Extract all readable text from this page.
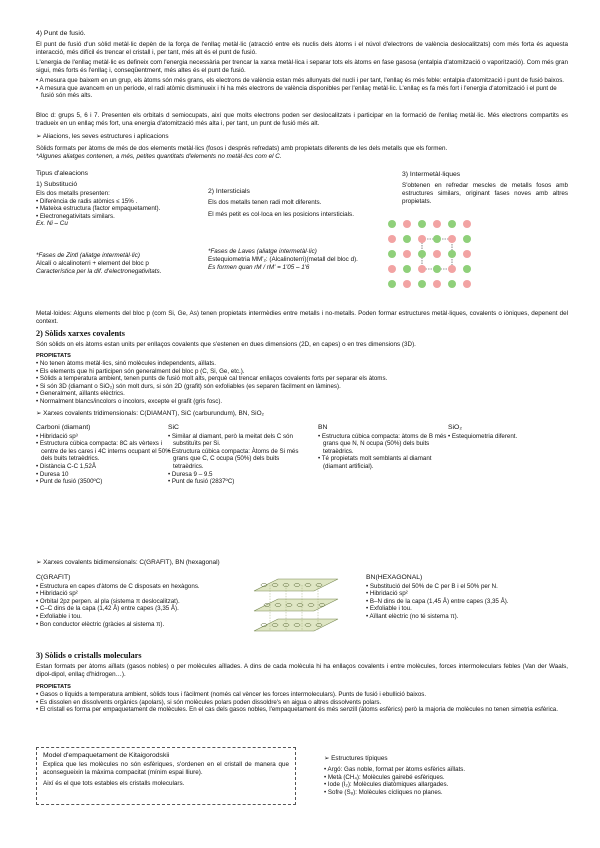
4) Punt de fusió.

El punt de fusió d'un sòlid metàl·lic depèn de la força de l'enllaç metàl·lic (atracció entre els nuclis dels àtoms i el núvol d'electrons de valència deslocalitzats) com més forta és aquesta interacció, més difícil és trencar el cristall i, per tant, més alt és el punt de fusió.

L'energia de l'enllaç metàl·lic es defineix com l'energia necessària per trencar la xarxa metàl·lica i separar tots els àtoms en fase gasosa (entalpia d'atomització o vaporització). Com més gran sigui, més forts és l'enllaç i, conseqüentment, més altes és el punt de fusió.

• A mesura que baixem en un grup, els àtoms són més grans, els electrons de valència estan més allunyats del nucli i per tant, l'enllaç és més feble: entalpia d'atomització i punt de fusió baixos.
• A mesura que avancem en un període, el radi atòmic disminueix i hi ha més electrons de valència disponibles per l'enllaç metàl·lic. L'enllaç es fa més fort i l'energia d'atomització i el punt de fusió són més alts.

Bloc d: grups 5, 6 i 7. Presenten els orbitals d semiocupats, així que molts electrons poden ser deslocalitzats i participar en la formació de l'enllaç metàl·lic. Més electrons compartits es tradueix en un enllaç més fort, una energia d'atomització més alta i, per tant, un punt de fusió més alt.

➢ Aliacions, les seves estructures i aplicacions

Sòlids formats per àtoms de més de dos elements metàl·lics (fosos i després refredats) amb propietats diferents de les dels metalls que els formen.

*Algunes aliatges contenen, a més, petites quantitats d'elements no metàl·lics com el C.

Tipus d'aleacions

1) Substitució

Els dos metalls presenten:

• Diferència de radis atòmics ≤ 15% .
• Mateixa estructura (factor empaquetament).
• Electronegativitats similars.

Ex. Ni – Cu

*Fases de Zintl (aliatge intermetàl·lic)

Alcalí o alcalinoterri + element del bloc p

Característica per la dif. d'electronegativitats.

2) Intersticials

Els dos metalls tenen radi molt diferents.

El més petit es col·loca en les posicions intersticials.

*Fases de Laves (aliatge intermetàl·lic)

Estequiometria MM'₂: (Alcalinoterri)(metall del bloc d).

Es formen quan rM / rM' = 1'05 – 1'6

3) Intermetàl·liques

S'obtenen en refredar mescles de metalls fosos amb estructures similars, originant fases noves amb altres propietats.

Metal·loides: Alguns elements del bloc p (com Si, Ge, As) tenen propietats intermèdies entre metalls i no-metalls. Poden formar estructures metàl·liques, covalents o iòniques, depenent del context.

2) Sòlids xarxes covalents

Són sòlids on els àtoms estan units per enllaços covalents que s'estenen en dues dimensions (2D, en capes) o en tres dimensions (3D).

PROPIETATS

• No tenen àtoms metàl·lics, sinó molècules independents, aïllats.
• Els elements que hi participen són generalment del bloc p (C, Si, Ge, etc.).
• Sòlids a temperatura ambient, tenen punts de fusió molt alts, perquè cal trencar enllaços covalents forts per separar els àtoms.
• Si són 3D (diamant o SiO₂) són molt durs, si són 2D (grafit) són exfoliables (es separen fàcilment en làmines).
• Generalment, aïllants elèctrics.
• Normalment blancs/incolors o incolors, excepte el grafit (gris fosc).

➢ Xarxes covalents tridimensionals: C(DIAMANT), SiC (carburundum), BN, SiO₂

Carboni (diamant)

• Hibridació sp³
• Estructura cúbica compacta: 8C als vèrtexs i centre de les cares i 4C interns ocupant el 50% dels buits tetraèdrics.
• Distància C-C 1,52Å
• Duresa 10
• Punt de fusió (3500ºC)

SiC

• Similar al diamant, però la meitat dels C són substituïts per Si.
• Estructura cúbica compacta: Àtoms de Si més grans que C, C ocupa (50%) dels buits tetraèdrics.
• Duresa 9 – 9.5
• Punt de fusió (2837ºC)

BN

• Estructura cúbica compacta: àtoms de B més grans que N, N ocupa (50%) dels buits tetraèdrics.
• Té propietats molt semblants al diamant (diamant artificial).

SiO₂

• Estequiometria diferent.

➢ Xarxes covalents bidimensionals: C(GRAFIT), BN (hexagonal)

C(GRAFIT)

• Estructura en capes d'àtoms de C disposats en hexàgons.
• Hibridació sp²
• Orbital 2pz perpen. al pla (sistema π deslocalitzat).
• C–C dins de la capa (1,42 Å) entre capes (3,35 Å).
• Exfoliable i tou.
• Bon conductor elèctric (gràcies al sistema π).

BN(HEXAGONAL)

• Substitució del 50% de C per B i el 50% per N.
• Hibridació sp²
• B–N dins de la capa (1,45 Å) entre capes (3,35 Å).
• Exfoliable i tou.
• Aïllant elèctric (no té sistema π).

3) Sòlids o cristalls moleculars

Estan formats per àtoms aïllats (gasos nobles) o per molècules aïllades. A dins de cada molècula hi ha enllaços covalents i entre molècules, forces intermoleculars febles (Van der Waals, dipol-dipol, enllaç d'hidrogen…).

PROPIETATS

• Gasos o líquids a temperatura ambient, sòlids tous i fàcilment (només cal vèncer les forces intermoleculars). Punts de fusió i ebullició baixos.
• Es dissolen en dissolvents orgànics (apolars), si són molècules polars poden dissoldre's en aigua o altres dissolvents polars.
• El cristall es forma per empaquetament de molècules. En el cas dels gasos nobles, l'empaquetament és més senzill (àtoms esfèrics) però la majoria de molècules no tenen simetria esfèrica.

Model d'empaquetament de Kitaigorodskii

Explica que les molècules no són esfèriques, s'ordenen en el cristall de manera que aconsegueixin la màxima compacitat (mínim espai lliure).

Així és el que tots estables els cristalls moleculars.

➢ Estructures típiques

• Argó: Gas noble, format per àtoms esfèrics aïllats.
• Metà (CH₄): Molècules gairebé esfèriques.
• Iode (I₂): Molècules diatòmiques allargades.
• Sofre (S₈): Molècules cícliques no planes.
